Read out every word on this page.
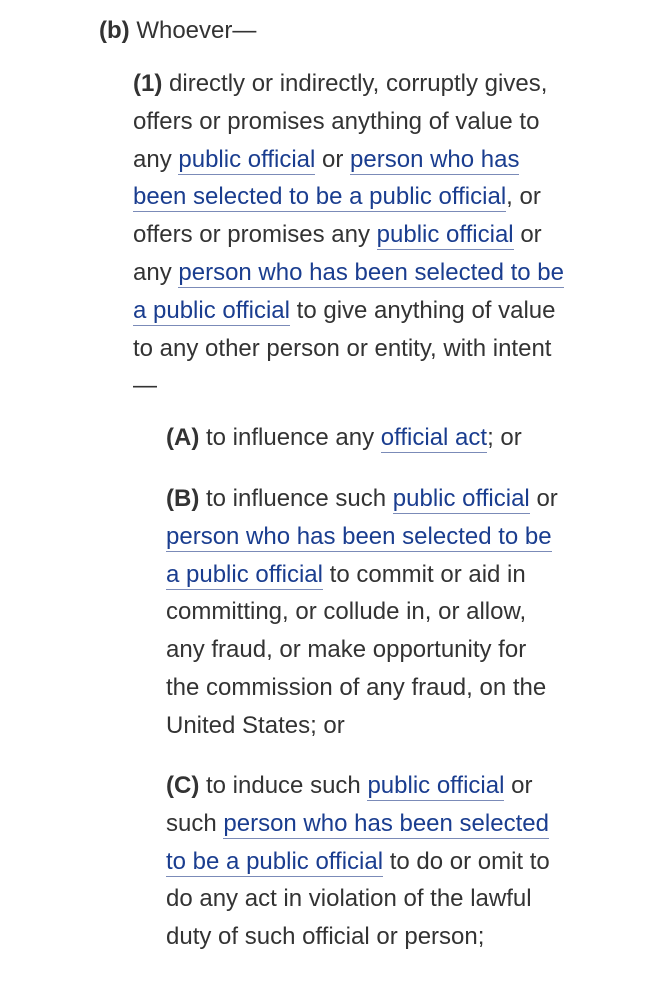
(b) Whoever—

(1) directly or indirectly, corruptly gives, offers or promises anything of value to any public official or person who has been selected to be a public official, or offers or promises any public official or any person who has been selected to be a public official to give anything of value to any other person or entity, with intent—

(A) to influence any official act; or

(B) to influence such public official or person who has been selected to be a public official to commit or aid in committing, or collude in, or allow, any fraud, or make opportunity for the commission of any fraud, on the United States; or

(C) to induce such public official or such person who has been selected to be a public official to do or omit to do any act in violation of the lawful duty of such official or person;
